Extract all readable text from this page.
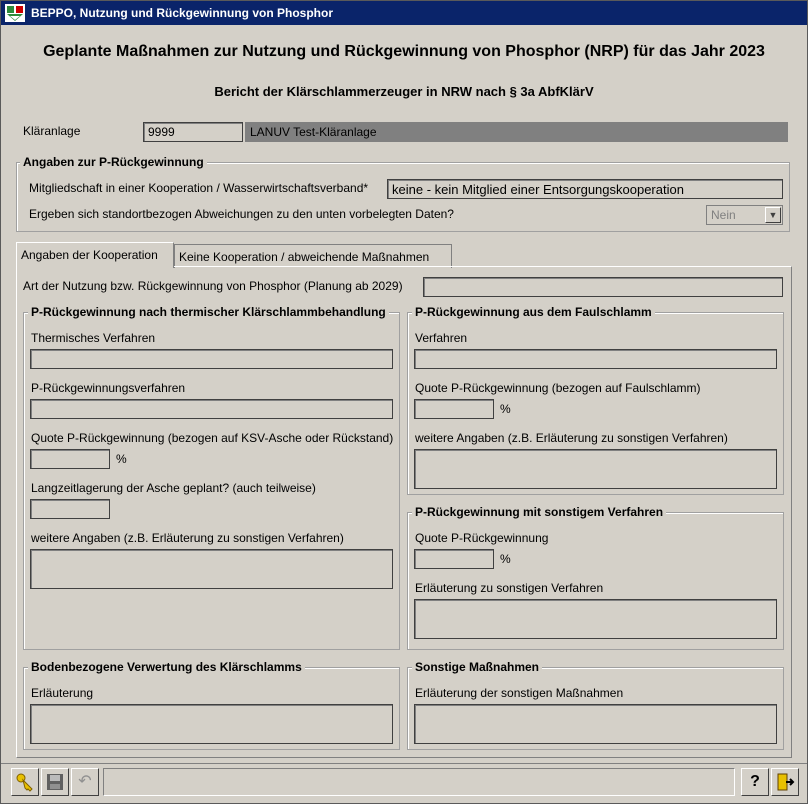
BEPPO, Nutzung und Rückgewinnung von Phosphor
Geplante Maßnahmen zur Nutzung und Rückgewinnung von Phosphor (NRP) für das Jahr 2023
Bericht der Klärschlammerzeuger in NRW nach § 3a AbfKlärV
Kläranlage	9999	LANUV Test-Kläranlage
Angaben zur P-Rückgewinnung
Mitgliedschaft in einer Kooperation / Wasserwirtschaftsverband*	keine - kein Mitglied einer Entsorgungskooperation
Ergeben sich standortbezogen Abweichungen zu den unten vorbelegten Daten?	Nein	▼
Angaben der Kooperation	Keine Kooperation / abweichende Maßnahmen
Art der Nutzung bzw. Rückgewinnung von Phosphor (Planung ab 2029)
P-Rückgewinnung nach thermischer Klärschlammbehandlung
Thermisches Verfahren
P-Rückgewinnungsverfahren
Quote P-Rückgewinnung (bezogen auf KSV-Asche oder Rückstand)
%
Langzeitlagerung der Asche geplant? (auch teilweise)
weitere Angaben (z.B. Erläuterung zu sonstigen Verfahren)
P-Rückgewinnung aus dem Faulschlamm
Verfahren
Quote P-Rückgewinnung (bezogen auf Faulschlamm)
%
weitere Angaben (z.B. Erläuterung zu sonstigen Verfahren)
P-Rückgewinnung mit sonstigem Verfahren
Quote P-Rückgewinnung
%
Erläuterung zu sonstigen Verfahren
Bodenbezogene Verwertung des Klärschlamms
Erläuterung
Sonstige Maßnahmen
Erläuterung der sonstigen Maßnahmen
↶	?
